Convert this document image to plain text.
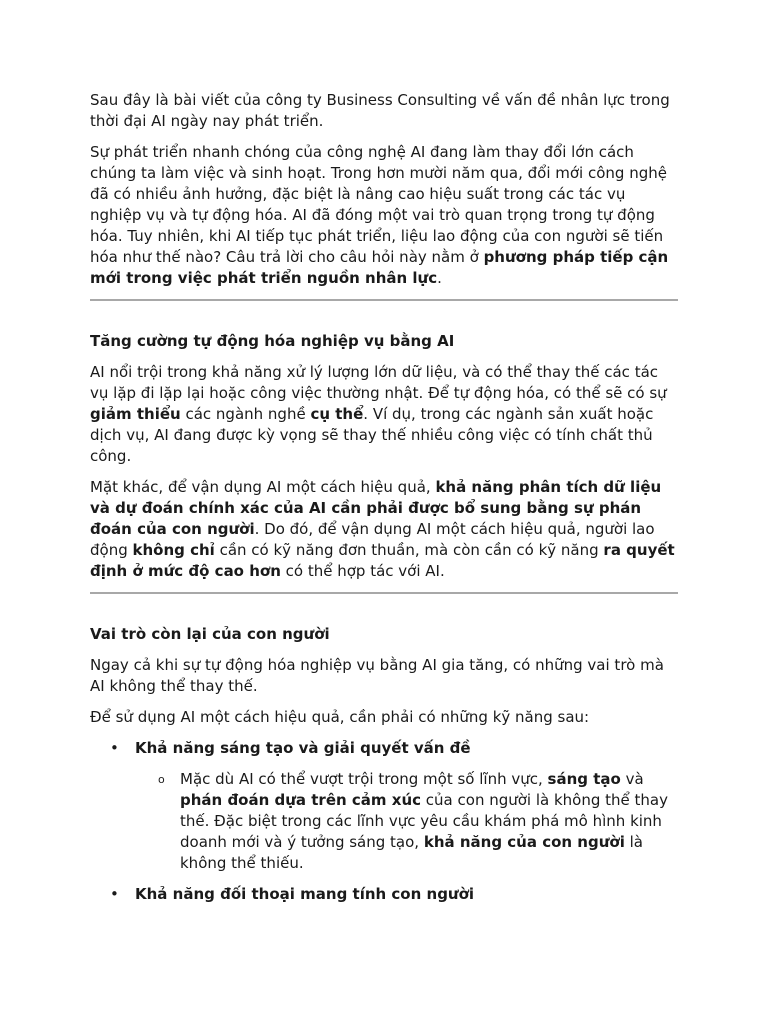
Sau đây là bài viết của công ty Business Consulting về vấn đề nhân lực trong thời đại AI ngày nay phát triển.

Sự phát triển nhanh chóng của công nghệ AI đang làm thay đổi lớn cách chúng ta làm việc và sinh hoạt. Trong hơn mười năm qua, đổi mới công nghệ đã có nhiều ảnh hưởng, đặc biệt là nâng cao hiệu suất trong các tác vụ nghiệp vụ và tự động hóa. AI đã đóng một vai trò quan trọng trong tự động hóa. Tuy nhiên, khi AI tiếp tục phát triển, liệu lao động của con người sẽ tiến hóa như thế nào? Câu trả lời cho câu hỏi này nằm ở phương pháp tiếp cận mới trong việc phát triển nguồn nhân lực.

Tăng cường tự động hóa nghiệp vụ bằng AI

AI nổi trội trong khả năng xử lý lượng lớn dữ liệu, và có thể thay thế các tác vụ lặp đi lặp lại hoặc công việc thường nhật. Để tự động hóa, có thể sẽ có sự giảm thiểu các ngành nghề cụ thể. Ví dụ, trong các ngành sản xuất hoặc dịch vụ, AI đang được kỳ vọng sẽ thay thế nhiều công việc có tính chất thủ công.

Mặt khác, để vận dụng AI một cách hiệu quả, khả năng phân tích dữ liệu và dự đoán chính xác của AI cần phải được bổ sung bằng sự phán đoán của con người. Do đó, để vận dụng AI một cách hiệu quả, người lao động không chỉ cần có kỹ năng đơn thuần, mà còn cần có kỹ năng ra quyết định ở mức độ cao hơn có thể hợp tác với AI.

Vai trò còn lại của con người

Ngay cả khi sự tự động hóa nghiệp vụ bằng AI gia tăng, có những vai trò mà AI không thể thay thế.

Để sử dụng AI một cách hiệu quả, cần phải có những kỹ năng sau:

• Khả năng sáng tạo và giải quyết vấn đề
o Mặc dù AI có thể vượt trội trong một số lĩnh vực, sáng tạo và phán đoán dựa trên cảm xúc của con người là không thể thay thế. Đặc biệt trong các lĩnh vực yêu cầu khám phá mô hình kinh doanh mới và ý tưởng sáng tạo, khả năng của con người là không thể thiếu.

• Khả năng đối thoại mang tính con người
